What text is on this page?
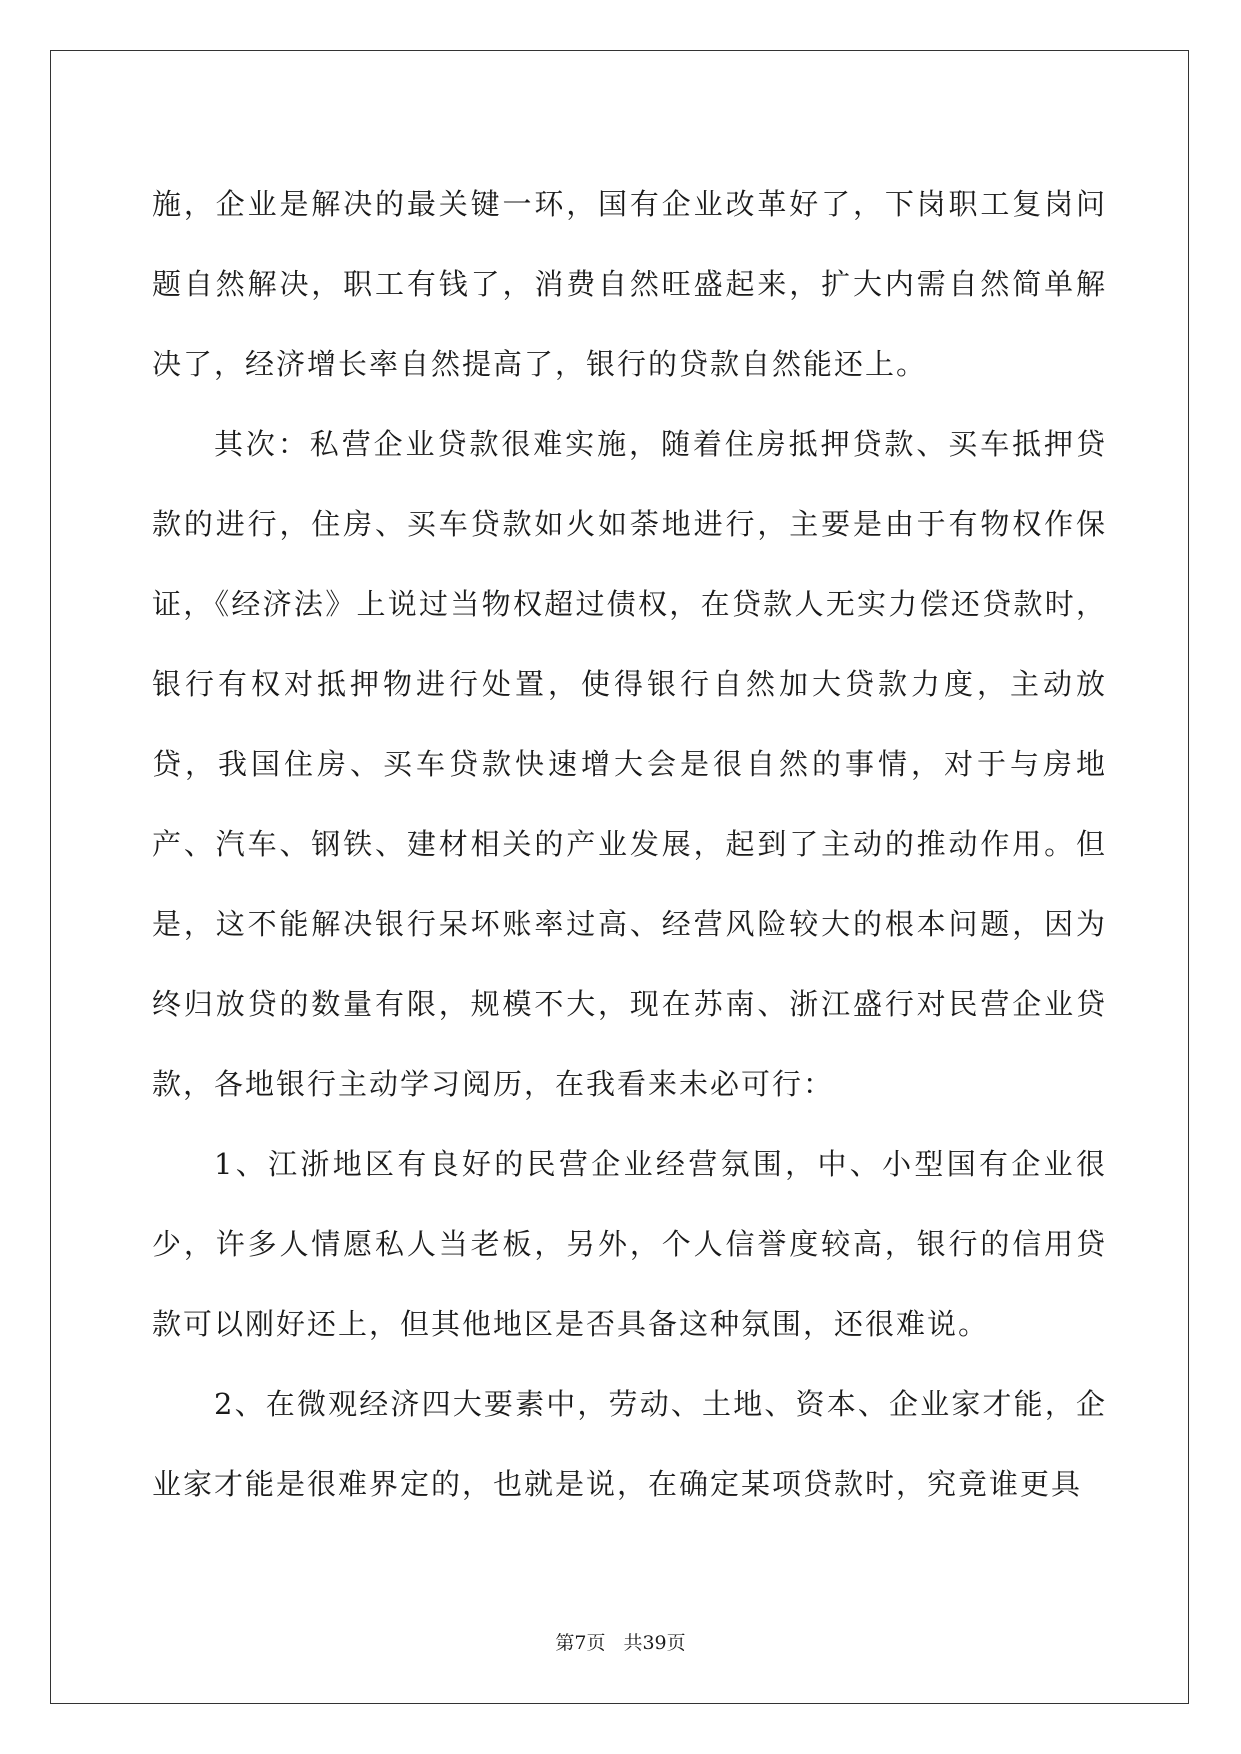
施，企业是解决的最关键一环，国有企业改革好了，下岗职工复岗问题自然解决，职工有钱了，消费自然旺盛起来，扩大内需自然简单解决了，经济增长率自然提高了，银行的贷款自然能还上。

其次：私营企业贷款很难实施，随着住房抵押贷款、买车抵押贷款的进行，住房、买车贷款如火如荼地进行，主要是由于有物权作保证，《经济法》上说过当物权超过债权，在贷款人无实力偿还贷款时，银行有权对抵押物进行处置，使得银行自然加大贷款力度，主动放贷，我国住房、买车贷款快速增大会是很自然的事情，对于与房地产、汽车、钢铁、建材相关的产业发展，起到了主动的推动作用。但是，这不能解决银行呆坏账率过高、经营风险较大的根本问题，因为终归放贷的数量有限，规模不大，现在苏南、浙江盛行对民营企业贷款，各地银行主动学习阅历，在我看来未必可行：

1、江浙地区有良好的民营企业经营氛围，中、小型国有企业很少，许多人情愿私人当老板，另外，个人信誉度较高，银行的信用贷款可以刚好还上，但其他地区是否具备这种氛围，还很难说。

2、在微观经济四大要素中，劳动、土地、资本、企业家才能，企业家才能是很难界定的，也就是说，在确定某项贷款时，究竟谁更具

第7页 共39页
